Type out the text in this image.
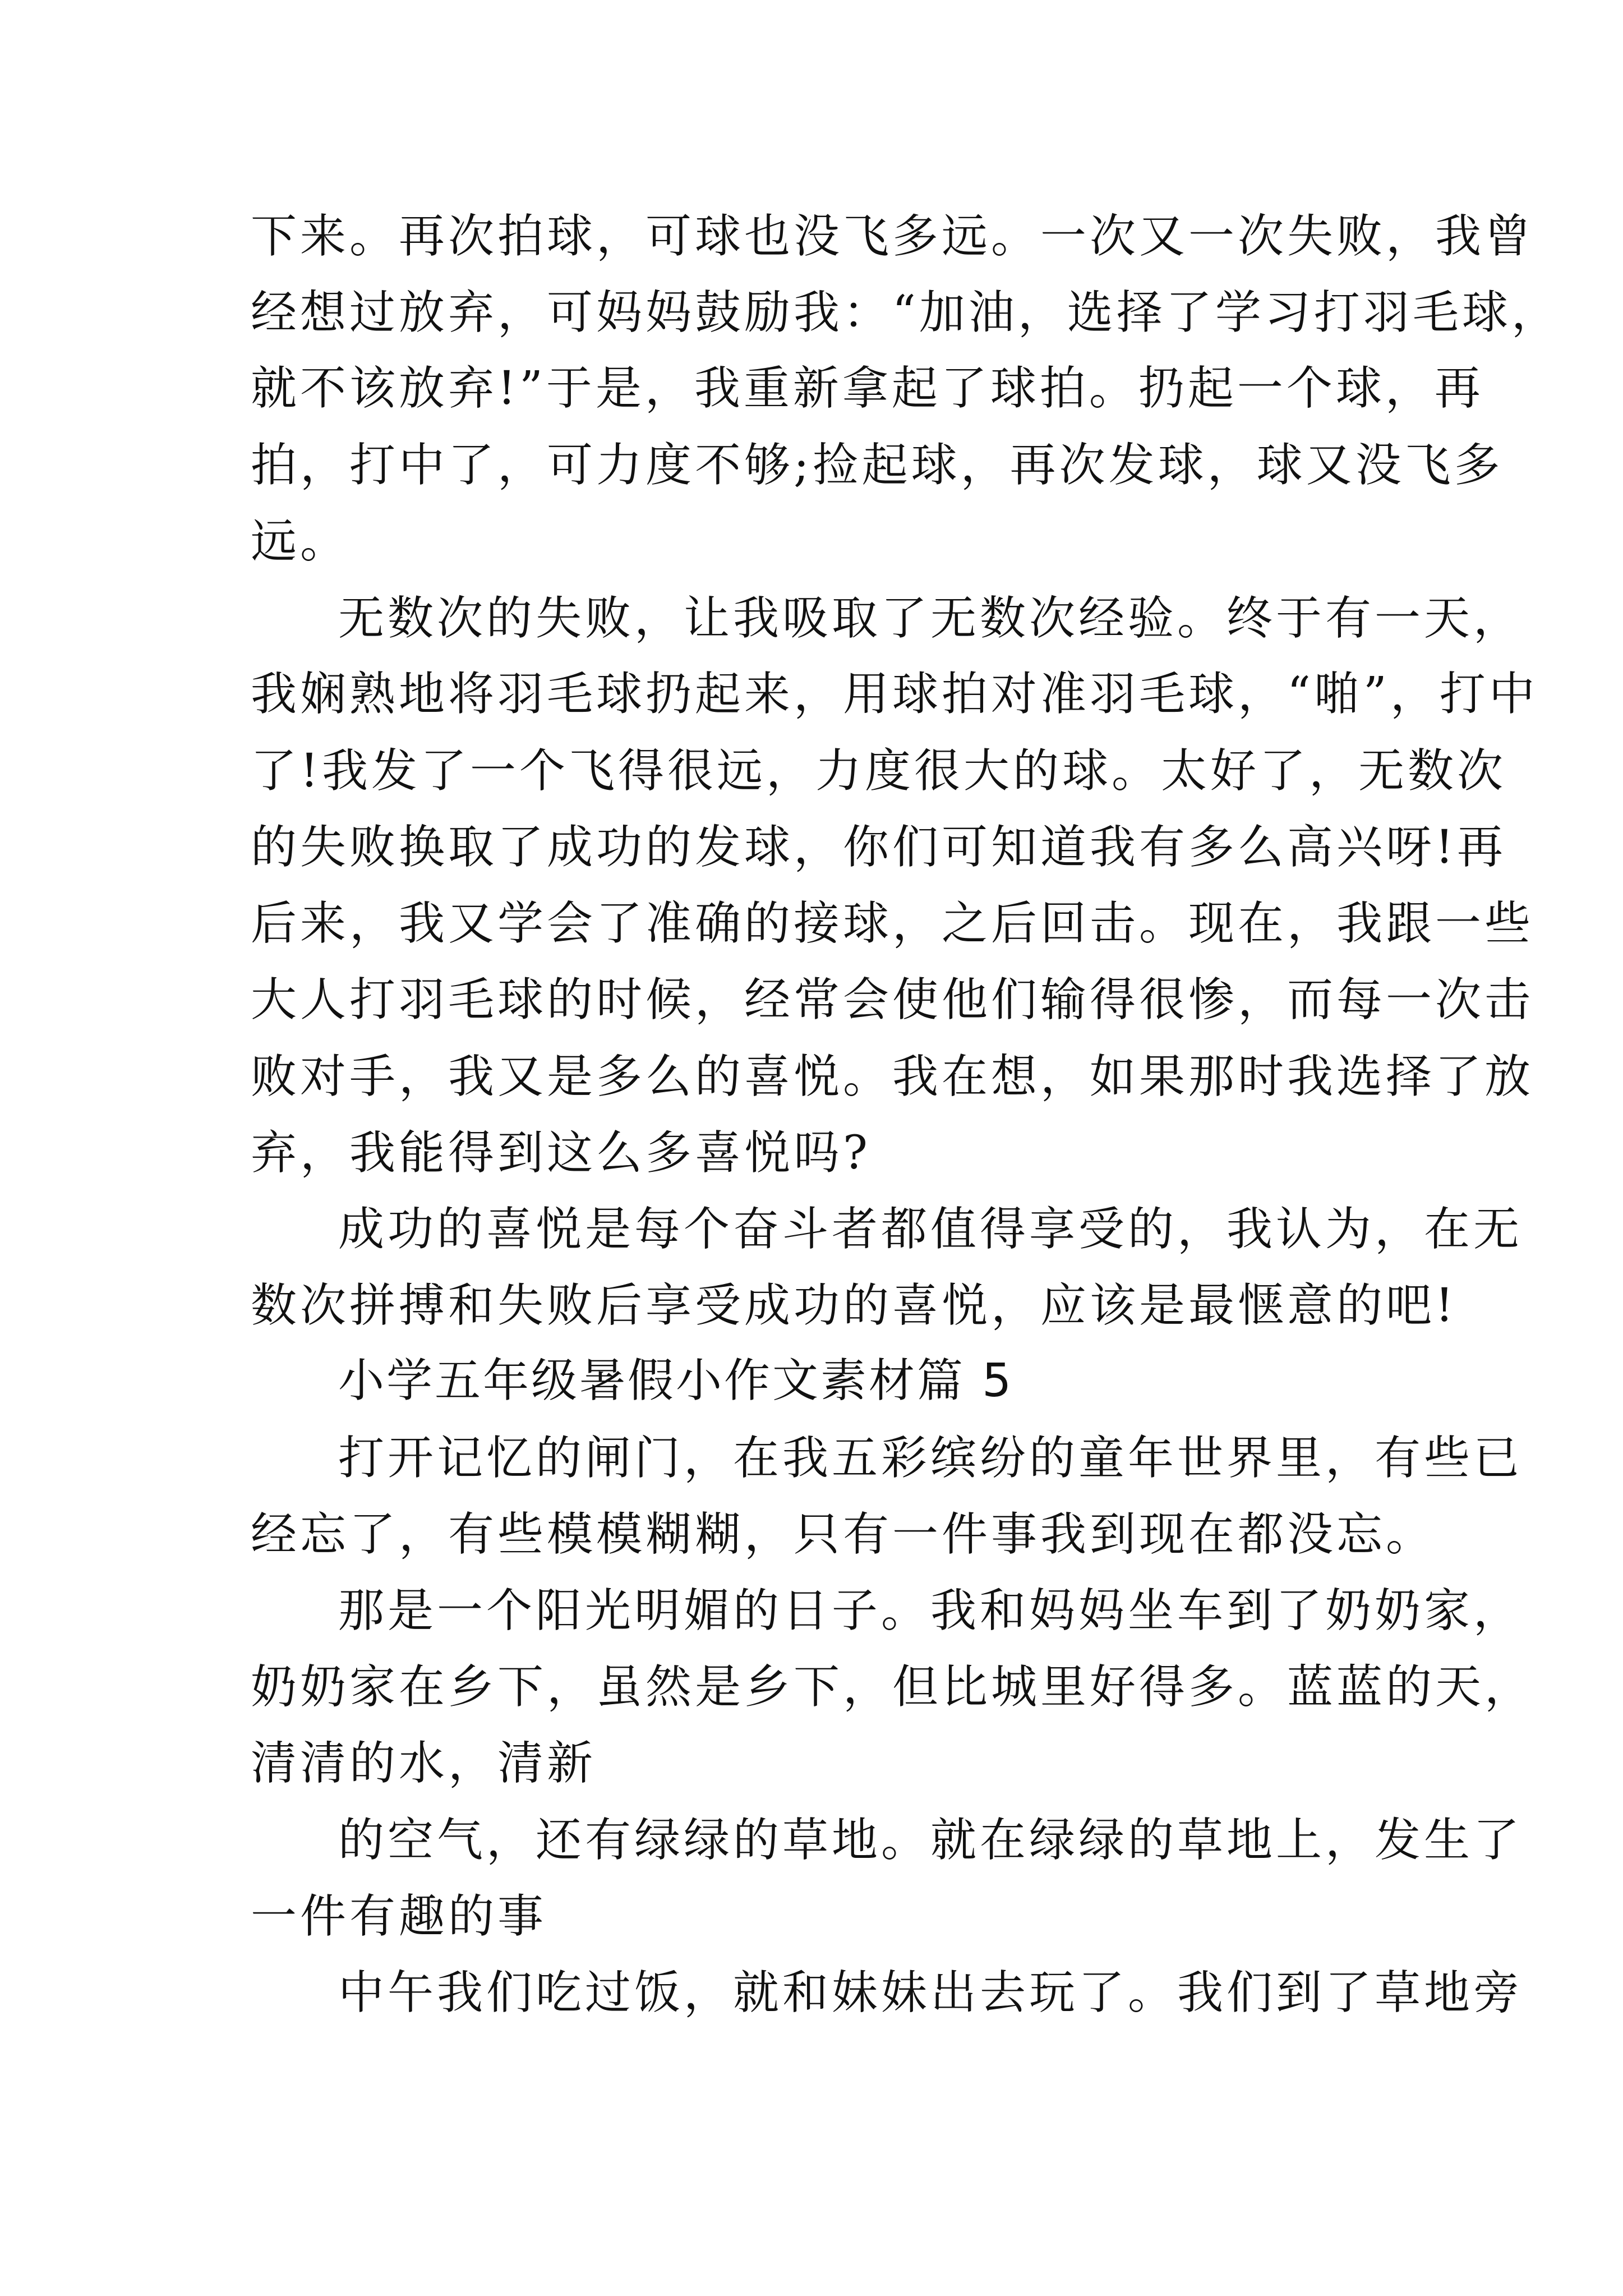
下来。再次拍球，可球也没飞多远。一次又一次失败，我曾
经想过放弃，可妈妈鼓励我：“加油，选择了学习打羽毛球，
就不该放弃!”于是，我重新拿起了球拍。扔起一个球，再
拍，打中了，可力度不够;捡起球，再次发球，球又没飞多
远。
无数次的失败，让我吸取了无数次经验。终于有一天，
我娴熟地将羽毛球扔起来，用球拍对准羽毛球，“啪”，打中
了!我发了一个飞得很远，力度很大的球。太好了，无数次
的失败换取了成功的发球，你们可知道我有多么高兴呀!再
后来，我又学会了准确的接球，之后回击。现在，我跟一些
大人打羽毛球的时候，经常会使他们输得很惨，而每一次击
败对手，我又是多么的喜悦。我在想，如果那时我选择了放
弃，我能得到这么多喜悦吗?
成功的喜悦是每个奋斗者都值得享受的，我认为，在无
数次拼搏和失败后享受成功的喜悦，应该是最惬意的吧!
小学五年级暑假小作文素材篇 5
打开记忆的闸门，在我五彩缤纷的童年世界里，有些已
经忘了，有些模模糊糊，只有一件事我到现在都没忘。
那是一个阳光明媚的日子。我和妈妈坐车到了奶奶家，
奶奶家在乡下，虽然是乡下，但比城里好得多。蓝蓝的天，
清清的水，清新
的空气，还有绿绿的草地。就在绿绿的草地上，发生了
一件有趣的事
中午我们吃过饭，就和妹妹出去玩了。我们到了草地旁
